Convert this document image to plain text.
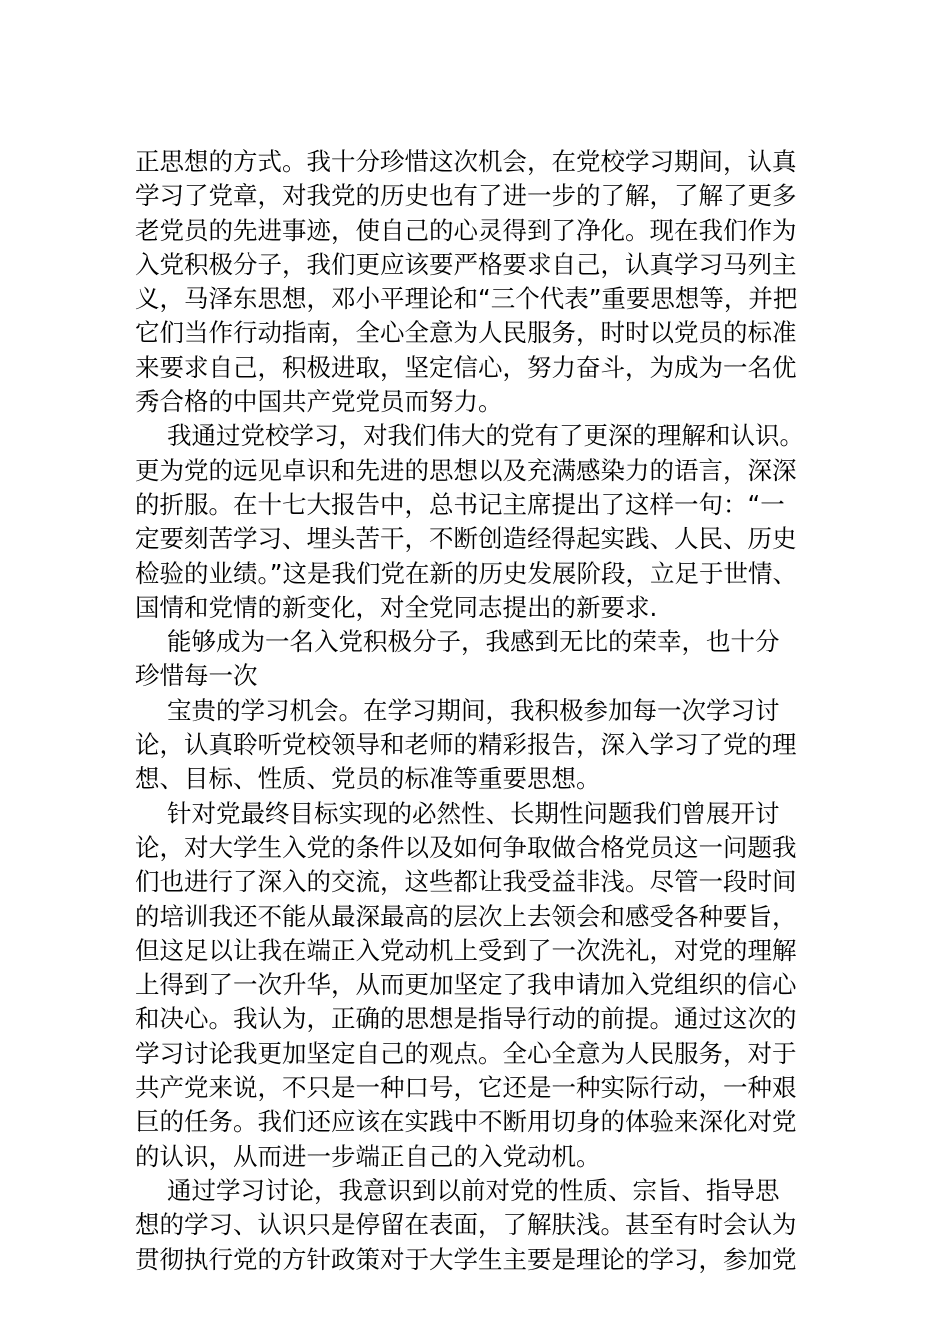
正思想的方式。我十分珍惜这次机会，在党校学习期间，认真
学习了党章，对我党的历史也有了进一步的了解，了解了更多
老党员的先进事迹，使自己的心灵得到了净化。现在我们作为
入党积极分子，我们更应该要严格要求自己，认真学习马列主
义，马泽东思想，邓小平理论和“三个代表”重要思想等，并把
它们当作行动指南，全心全意为人民服务，时时以党员的标准
来要求自己，积极进取，坚定信心，努力奋斗，为成为一名优
秀合格的中国共产党党员而努力。
我通过党校学习，对我们伟大的党有了更深的理解和认识。
更为党的远见卓识和先进的思想以及充满感染力的语言，深深
的折服。在十七大报告中，总书记主席提出了这样一句：“一
定要刻苦学习、埋头苦干，不断创造经得起实践、人民、历史
检验的业绩。”这是我们党在新的历史发展阶段，立足于世情、
国情和党情的新变化，对全党同志提出的新要求.
能够成为一名入党积极分子，我感到无比的荣幸，也十分
珍惜每一次
宝贵的学习机会。在学习期间，我积极参加每一次学习讨
论，认真聆听党校领导和老师的精彩报告，深入学习了党的理
想、目标、性质、党员的标准等重要思想。
针对党最终目标实现的必然性、长期性问题我们曾展开讨
论，对大学生入党的条件以及如何争取做合格党员这一问题我
们也进行了深入的交流，这些都让我受益非浅。尽管一段时间
的培训我还不能从最深最高的层次上去领会和感受各种要旨，
但这足以让我在端正入党动机上受到了一次洗礼，对党的理解
上得到了一次升华，从而更加坚定了我申请加入党组织的信心
和决心。我认为，正确的思想是指导行动的前提。通过这次的
学习讨论我更加坚定自己的观点。全心全意为人民服务，对于
共产党来说，不只是一种口号，它还是一种实际行动，一种艰
巨的任务。我们还应该在实践中不断用切身的体验来深化对党
的认识，从而进一步端正自己的入党动机。
通过学习讨论，我意识到以前对党的性质、宗旨、指导思
想的学习、认识只是停留在表面，了解肤浅。甚至有时会认为
贯彻执行党的方针政策对于大学生主要是理论的学习，参加党
